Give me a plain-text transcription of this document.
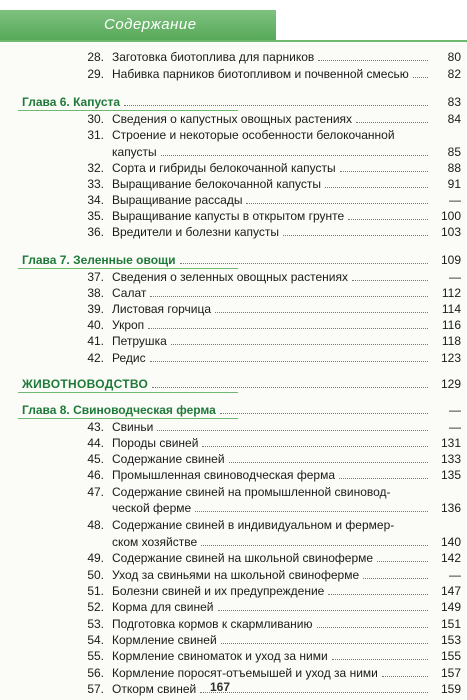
Содержание
28. Заготовка биотоплива для парников	80
29. Набивка парников биотопливом и почвенной смесью	82
Глава 6. Капуста	83
30. Сведения о капустных овощных растениях	84
31. Строение и некоторые особенности белокочанной
капусты	85
32. Сорта и гибриды белокочанной капусты	88
33. Выращивание белокочанной капусты	91
34. Выращивание рассады	—
35. Выращивание капусты в открытом грунте	100
36. Вредители и болезни капусты	103
Глава 7. Зеленные овощи	109
37. Сведения о зеленных овощных растениях	—
38. Салат	112
39. Листовая горчица	114
40. Укроп	116
41. Петрушка	118
42. Редис	123
ЖИВОТНОВОДСТВО	129
Глава 8. Свиноводческая ферма	—
43. Свиньи	—
44. Породы свиней	131
45. Содержание свиней	133
46. Промышленная свиноводческая ферма	135
47. Содержание свиней на промышленной свиновод-
ческой ферме	136
48. Содержание свиней в индивидуальном и фермер-
ском хозяйстве	140
49. Содержание свиней на школьной свиноферме	142
50. Уход за свиньями на школьной свиноферме	—
51. Болезни свиней и их предупреждение	147
52. Корма для свиней	149
53. Подготовка кормов к скармливанию	151
54. Кормление свиней	153
55. Кормление свиноматок и уход за ними	155
56. Кормление поросят-отъемышей и уход за ними	157
57. Откорм свиней	159
167
